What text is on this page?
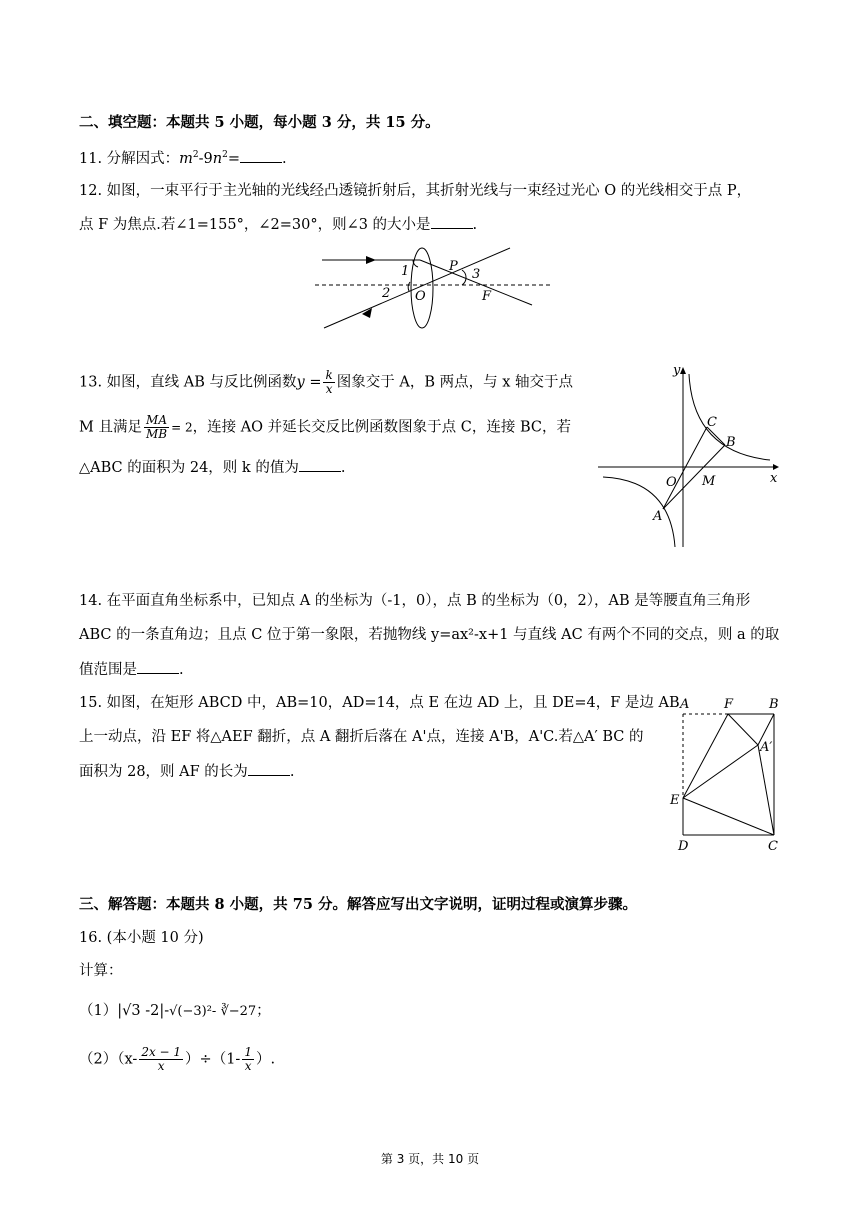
二、填空题：本题共 5 小题，每小题 3 分，共 15 分。
11. 分解因式：$m^2-9n^2=$	.
12. 如图，一束平行于主光轴的光线经凸透镜折射后，其折射光线与一束经过光心 O 的光线相交于点 P，
点 F 为焦点.若∠1=155°，∠2=30°，则∠3 的大小是	.
1
2
3
P
O	F
13. 如图，直线 AB 与反比例函数$y = \frac{k}{x}$ 图象交于 A，B 两点，与 x 轴交于点
M 且满足 $\frac{MA}{MB} = 2$，连接 AO 并延长交反比例函数图象于点 C，连接 BC，若
△ABC 的面积为 24，则 k 的值为	.
y
x
O M
A
B
C
14. 在平面直角坐标系中，已知点 A 的坐标为（-1，0），点 B 的坐标为（0，2），AB 是等腰直角三角形
ABC 的一条直角边；且点 C 位于第一象限，若抛物线 y=ax²-x+1 与直线 AC 有两个不同的交点，则 a 的取
值范围是	.
15. 如图，在矩形 ABCD 中，AB=10，AD=14，点 E 在边 AD 上，且 DE=4，F 是边 AB
上一动点，沿 EF 将△AEF 翻折，点 A 翻折后落在 A'点，连接 A'B，A'C.若△A′ BC 的
面积为 28，则 AF 的长为	.
A	F	B
A′
E
D	C
三、解答题：本题共 8 小题，共 75 分。解答应写出文字说明，证明过程或演算步骤。
16. (本小题 10 分)
计算：
（1）|√3 -2|-√(−3)²- ∛−27；
$(2)(x- \frac{2x - 1}{x} )\div(1- \frac{1}{x}$ ）.
第 3 页，共 10 页
